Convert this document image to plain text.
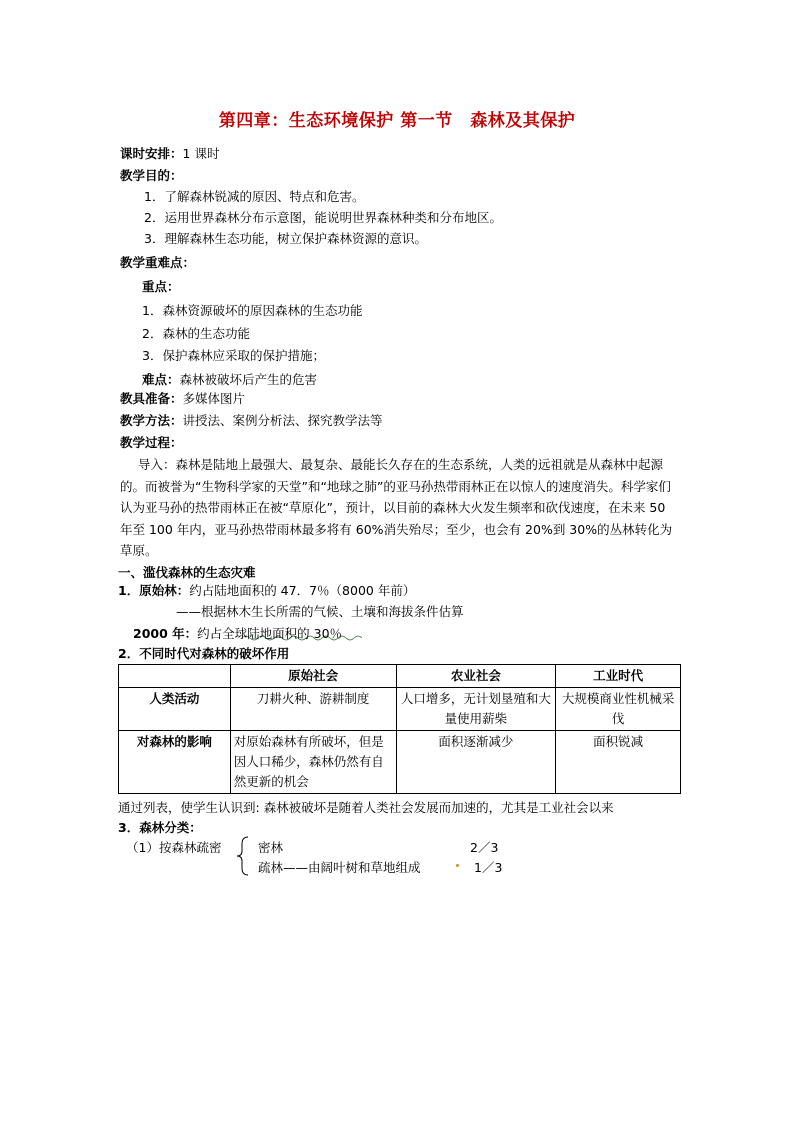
第四章：生态环境保护 第一节　森林及其保护
课时安排：1 课时
教学目的：
1．了解森林锐减的原因、特点和危害。
2．运用世界森林分布示意图，能说明世界森林种类和分布地区。
3．理解森林生态功能，树立保护森林资源的意识。
教学重难点：
重点：
1．森林资源破坏的原因森林的生态功能
2．森林的生态功能
3．保护森林应采取的保护措施；
难点：森林被破坏后产生的危害
教具准备：多媒体图片
教学方法：讲授法、案例分析法、探究教学法等
教学过程：
导入：森林是陆地上最强大、最复杂、最能长久存在的生态系统，人类的远祖就是从森林中起源的。而被誉为“生物科学家的天堂”和“地球之肺”的亚马孙热带雨林正在以惊人的速度消失。科学家们认为亚马孙的热带雨林正在被“草原化”，预计，以目前的森林大火发生频率和砍伐速度，在未来 50 年至 100 年内，亚马孙热带雨林最多将有 60%消失殆尽；至少，也会有 20%到 30%的丛林转化为草原。
一、滥伐森林的生态灾难
1．原始林：约占陆地面积的 47．7％（8000 年前）
——根据林木生长所需的气候、土壤和海拔条件估算
2000 年：约占全球陆地面积的 30％
2．不同时代对森林的破坏作用
	原始社会	农业社会	工业时代
人类活动	刀耕火种、游耕制度	人口增多，无计划垦殖和大量使用薪柴	大规模商业性机械采伐
对森林的影响	对原始森林有所破坏，但是因人口稀少，森林仍然有自然更新的机会	面积逐渐减少	面积锐减
通过列表，使学生认识到: 森林被破坏是随着人类社会发展而加速的，尤其是工业社会以来
3．森林分类：
（1）按森林疏密	密林	2／3
疏林——由阔叶树和草地组成	1／3
